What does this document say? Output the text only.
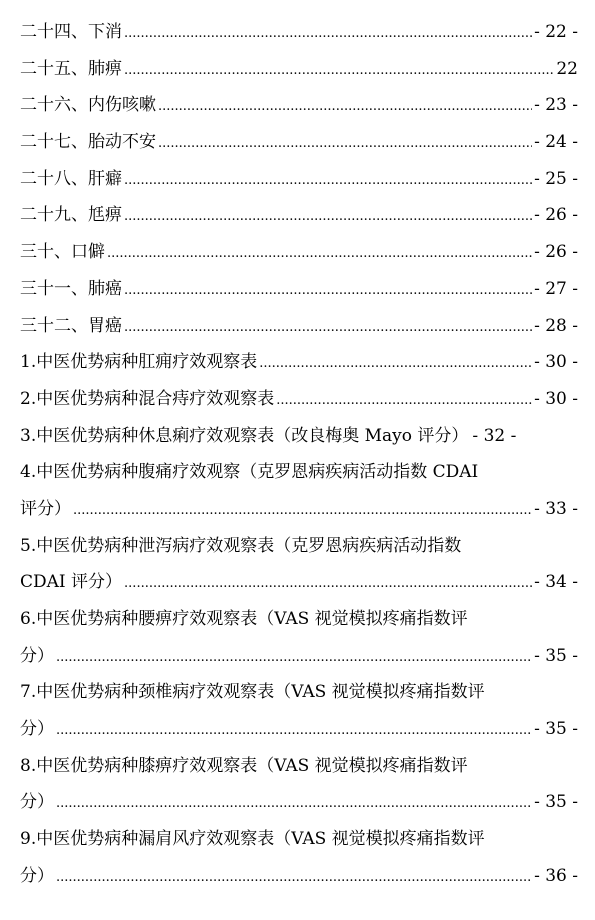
二十四、下消 .....	- 22 -
二十五、肺痹 .....	22
二十六、内伤咳嗽 .....	- 23 -
二十七、胎动不安 .....	- 24 -
二十八、肝癖 .....	- 25 -
二十九、尪痹 .....	- 26 -
三十、口僻 .....	- 26 -
三十一、肺癌 .....	- 27 -
三十二、胃癌 .....	- 28 -
1.中医优势病种肛痈疗效观察表 .....	- 30 -
2.中医优势病种混合痔疗效观察表 .....	- 30 -
3.中医优势病种休息痢疗效观察表（改良梅奥 Mayo 评分） - 32 -
4.中医优势病种腹痛疗效观察（克罗恩病疾病活动指数 CDAI
评分） .....	- 33 -
5.中医优势病种泄泻病疗效观察表（克罗恩病疾病活动指数
CDAI 评分） .....	- 34 -
6.中医优势病种腰痹疗效观察表（VAS 视觉模拟疼痛指数评
分） .....	- 35 -
7.中医优势病种颈椎病疗效观察表（VAS 视觉模拟疼痛指数评
分） .....	- 35 -
8.中医优势病种膝痹疗效观察表（VAS 视觉模拟疼痛指数评
分） .....	- 35 -
9.中医优势病种漏肩风疗效观察表（VAS 视觉模拟疼痛指数评
分） .....	- 36 -
